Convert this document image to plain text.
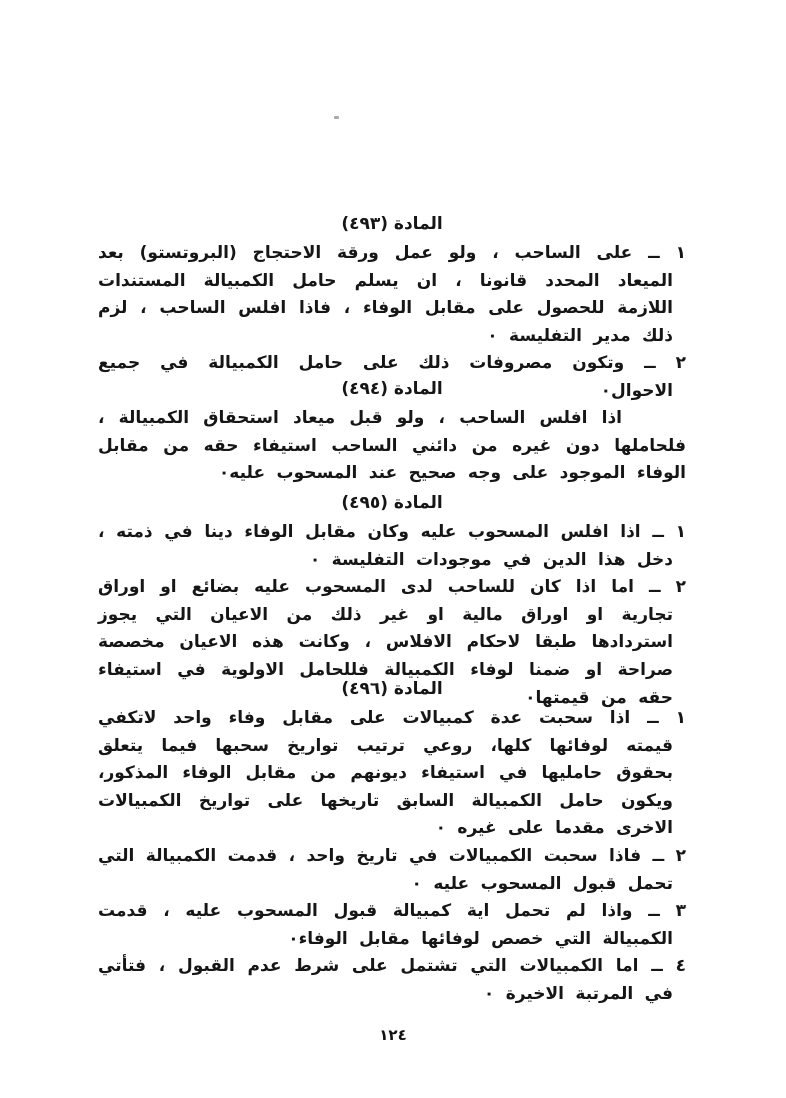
المادة (٤٩٣)

١ ــ على الساحب ، ولو عمل ورقة الاحتجاج (البروتستو) بعد الميعاد المحدد قانونا ، ان يسلم حامل الكمبيالة المستندات اللازمة للحصول على مقابل الوفاء ، فاذا افلس الساحب ، لزم ذلك مدير التفليسة ٠

٢ ــ وتكون مصروفات ذلك على حامل الكمبيالة في جميع الاحوال٠

المادة (٤٩٤)

اذا افلس الساحب ، ولو قبل ميعاد استحقاق الكمبيالة ، فلحاملها دون غيره من دائني الساحب استيفاء حقه من مقابل الوفاء الموجود على وجه صحيح عند المسحوب عليه٠

المادة (٤٩٥)

١ ــ اذا افلس المسحوب عليه وكان مقابل الوفاء دينا في ذمته ، دخل هذا الدين في موجودات التفليسة ٠

٢ ــ اما اذا كان للساحب لدى المسحوب عليه بضائع او اوراق تجارية او اوراق مالية او غير ذلك من الاعيان التي يجوز استردادها طبقا لاحكام الافلاس ، وكانت هذه الاعيان مخصصة صراحة او ضمنا لوفاء الكمبيالة فللحامل الاولوية في استيفاء حقه من قيمتها٠

المادة (٤٩٦)

١ ــ اذا سحبت عدة كمبيالات على مقابل وفاء واحد لاتكفي قيمته لوفائها كلها، روعي ترتيب تواريخ سحبها فيما يتعلق بحقوق حامليها في استيفاء ديونهم من مقابل الوفاء المذكور، ويكون حامل الكمبيالة السابق تاريخها على تواريخ الكمبيالات الاخرى مقدما على غيره ٠

٢ ــ فاذا سحبت الكمبيالات في تاريخ واحد ، قدمت الكمبيالة التي تحمل قبول المسحوب عليه ٠

٣ ــ واذا لم تحمل اية كمبيالة قبول المسحوب عليه ، قدمت الكمبيالة التي خصص لوفائها مقابل الوفاء٠

٤ ــ اما الكمبيالات التي تشتمل على شرط عدم القبول ، فتأتي في المرتبة الاخيرة ٠

١٢٤
